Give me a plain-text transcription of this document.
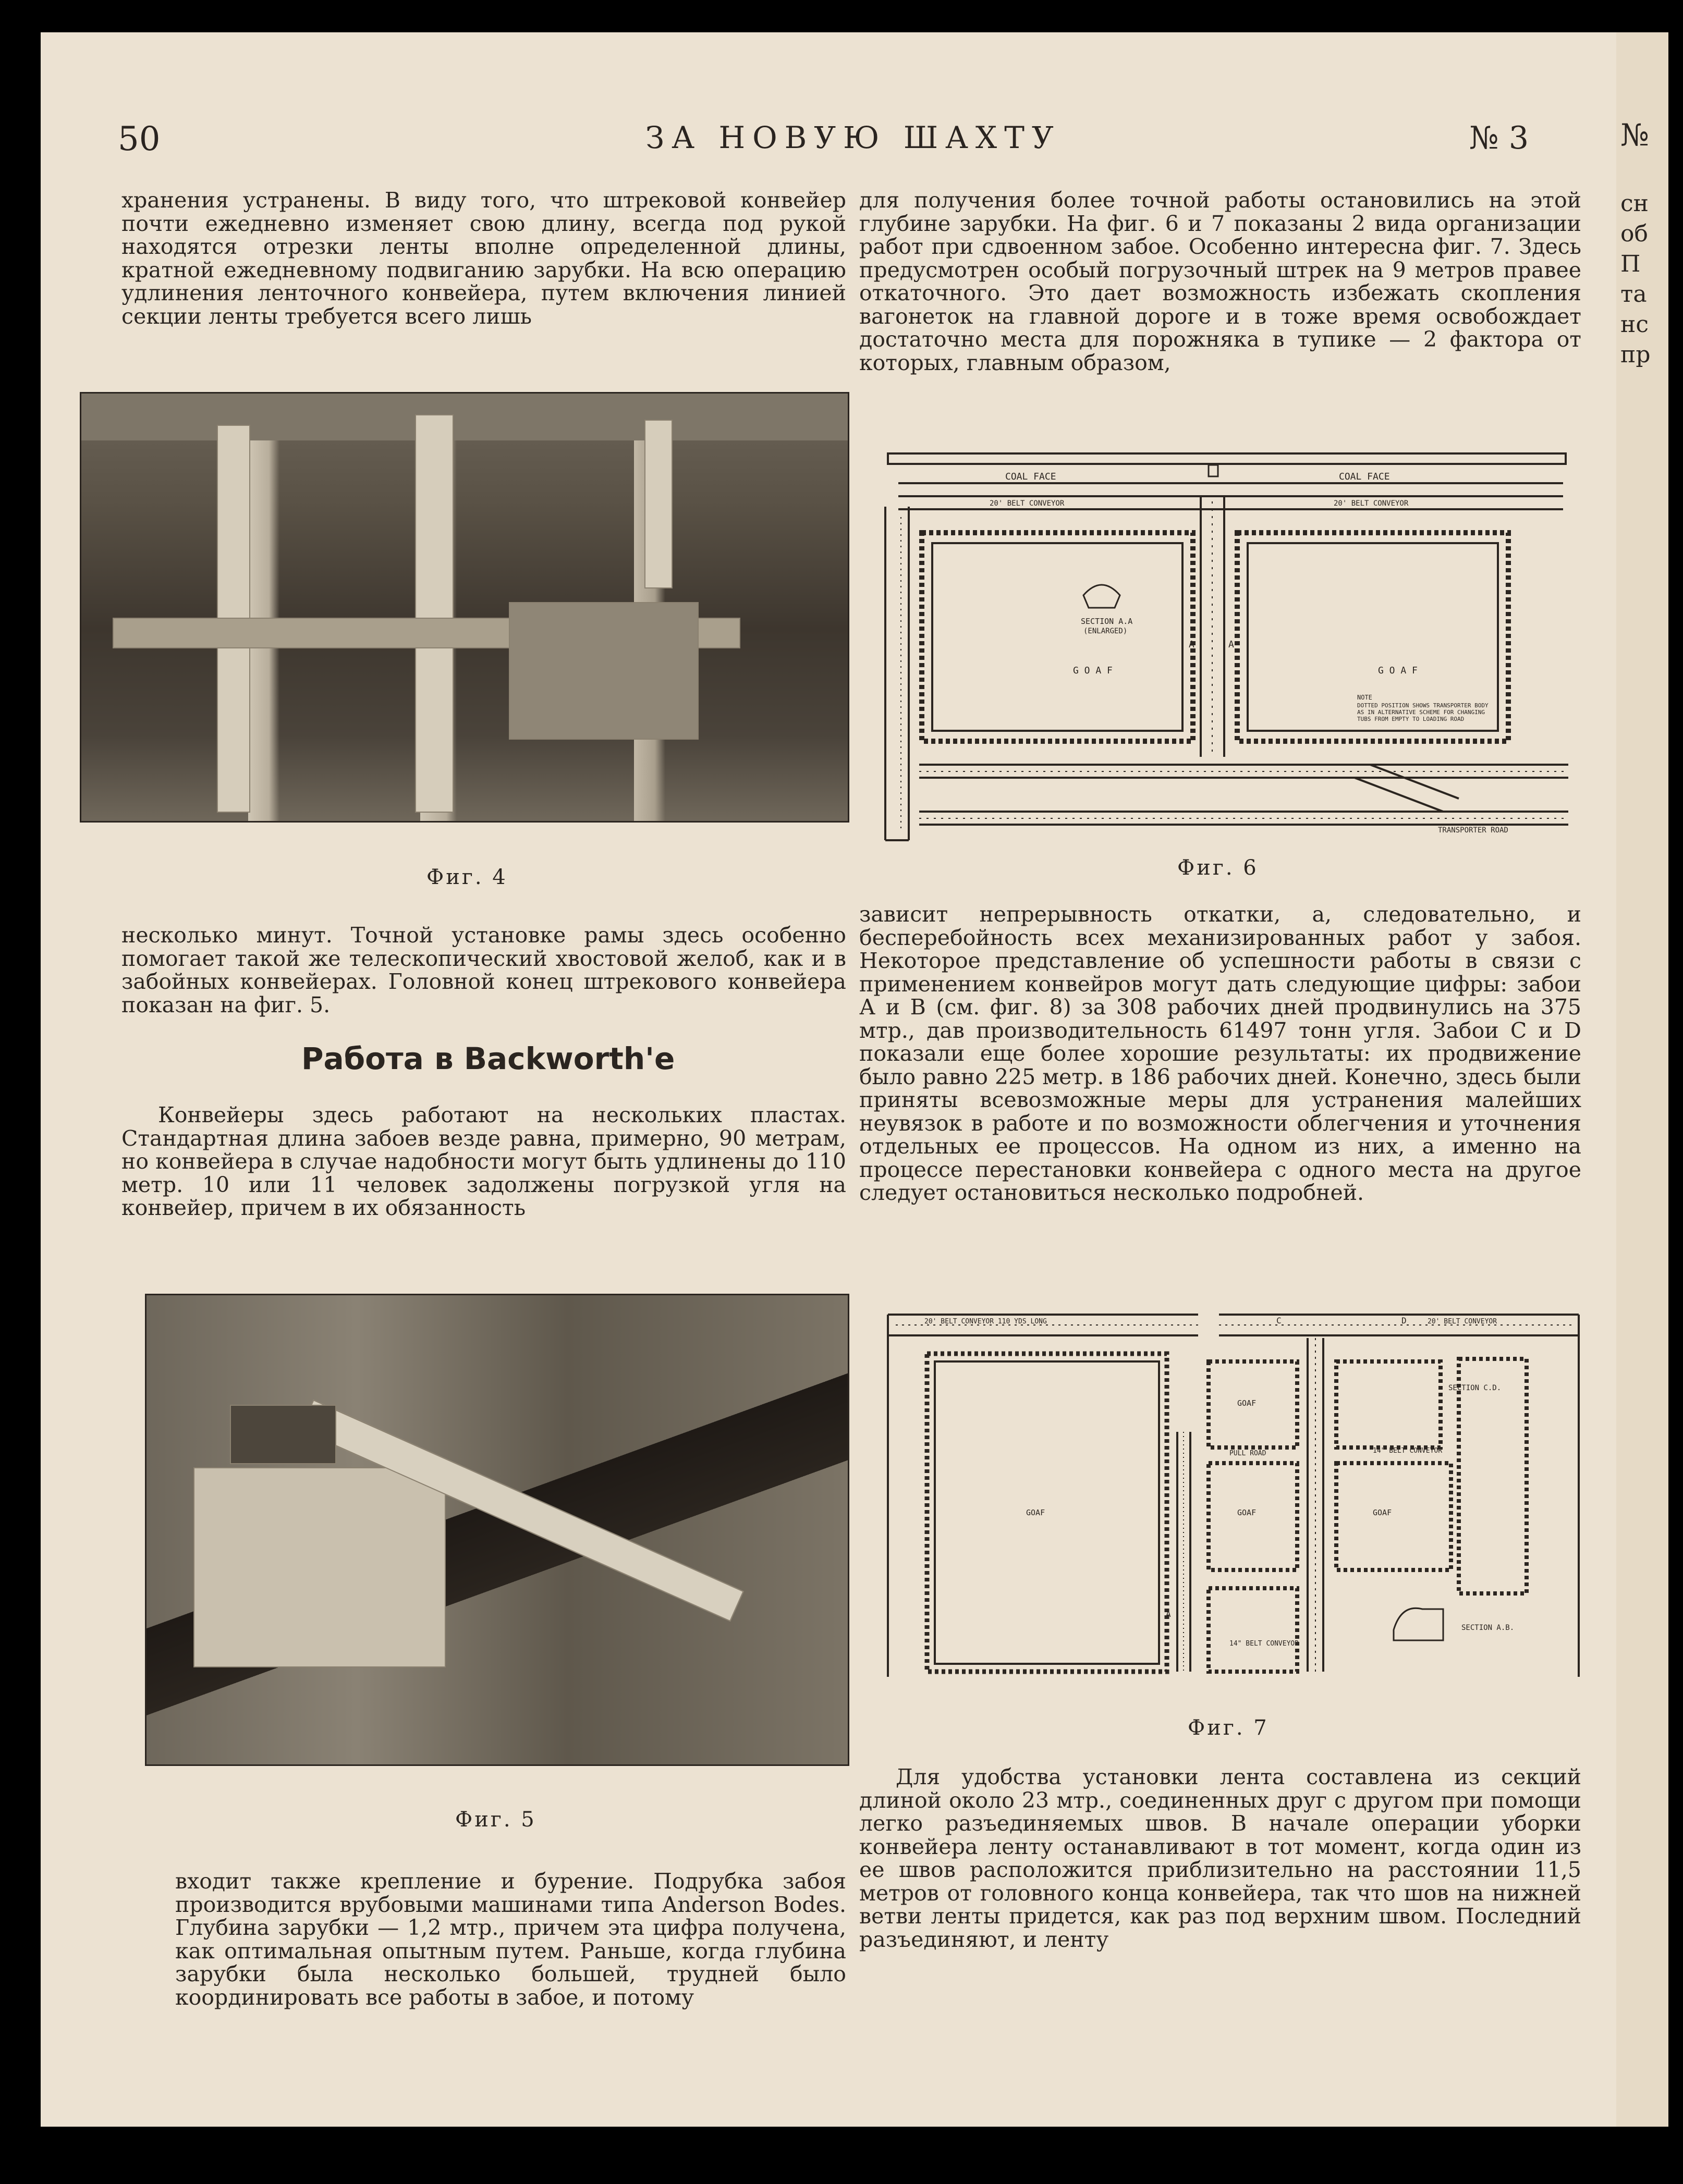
50	ЗА НОВУЮ ШАХТУ	№ 3

хранения устранены. В виду того, что штрековой конвейер почти ежедневно изменяет свою длину, всегда под рукой находятся отрезки ленты вполне определенной длины, кратной ежедневному подвиганию зарубки. На всю операцию удлинения ленточного конвейера, путем включения линией секции ленты требуется всего лишь

Фиг. 4

несколько минут. Точной установке рамы здесь особенно помогает такой же телескопический хвостовой желоб, как и в забойных конвейерах. Головной конец штрекового конвейера показан на фиг. 5.

Работа в Backworth'e

Конвейеры здесь работают на нескольких пластах. Стандартная длина забоев везде равна, примерно, 90 метрам, но конвейера в случае надобности могут быть удлинены до 110 метр. 10 или 11 человек задолжены погрузкой угля на конвейер, причем в их обязанность

Фиг. 5

входит также крепление и бурение. Подрубка забоя производится врубовыми машинами типа Anderson Bodes. Глубина зарубки — 1,2 мтр., причем эта цифра получена, как оптимальная опытным путем. Раньше, когда глубина зарубки была несколько большей, трудней было координировать все работы в забое, и потому

для получения более точной работы остановились на этой глубине зарубки. На фиг. 6 и 7 показаны 2 вида организации работ при сдвоенном забое. Особенно интересна фиг. 7. Здесь предусмотрен особый погрузочный штрек на 9 метров правее откаточного. Это дает возможность избежать скопления вагонеток на главной дороге и в тоже время освобождает достаточно места для порожняка в тупике — 2 фактора от которых, главным образом,

COAL FACE	COAL FACE
20' BELT CONVEYOR	20' BELT CONVEYOR
SECTION A.A
(ENLARGED)
G O A F	G O A F
A	A
NOTE
DOTTED POSITION SHOWS TRANSPORTER BODY AS IN ALTERNATIVE SCHEME FOR CHANGING TUBS FROM EMPTY TO LOADING ROAD
TRANSPORTER ROAD
Фиг. 6

зависит непрерывность откатки, а, следовательно, и бесперебойность всех механизированных работ у забоя. Некоторое представление об успешности работы в связи с применением конвейров могут дать следующие цифры: забои А и В (см. фиг. 8) за 308 рабочих дней продвинулись на 375 мтр., дав производительность 61497 тонн угля. Забои С и D показали еще более хорошие результаты: их продвижение было равно 225 метр. в 186 рабочих дней. Конечно, здесь были приняты всевозможные меры для устранения малейших неувязок в работе и по возможности облегчения и уточнения отдельных ее процессов. На одном из них, а именно на процессе перестановки конвейера с одного места на другое следует остановиться несколько подробней.

20' BELT CONVEYOR 110 YDS LONG	20' BELT CONVEYOR
C	D
GOAF
GOAF	GOAF	GOAF
SECTION C.D.
PULL ROAD	14" BELT CONVEYOR
14" BELT CONVEYOR
A
SECTION A.B.
Фиг. 7

Для удобства установки лента составлена из секций длиной около 23 мтр., соединенных друг с другом при помощи легко разъединяемых швов. В начале операции уборки конвейера ленту останавливают в тот момент, когда один из ее швов расположится приблизительно на расстоянии 11,5 метров от головного конца конвейера, так что шов на нижней ветви ленты придется, как раз под верхним швом. Последний разъединяют, и ленту

№
сн
об
П
та
нс
пр
